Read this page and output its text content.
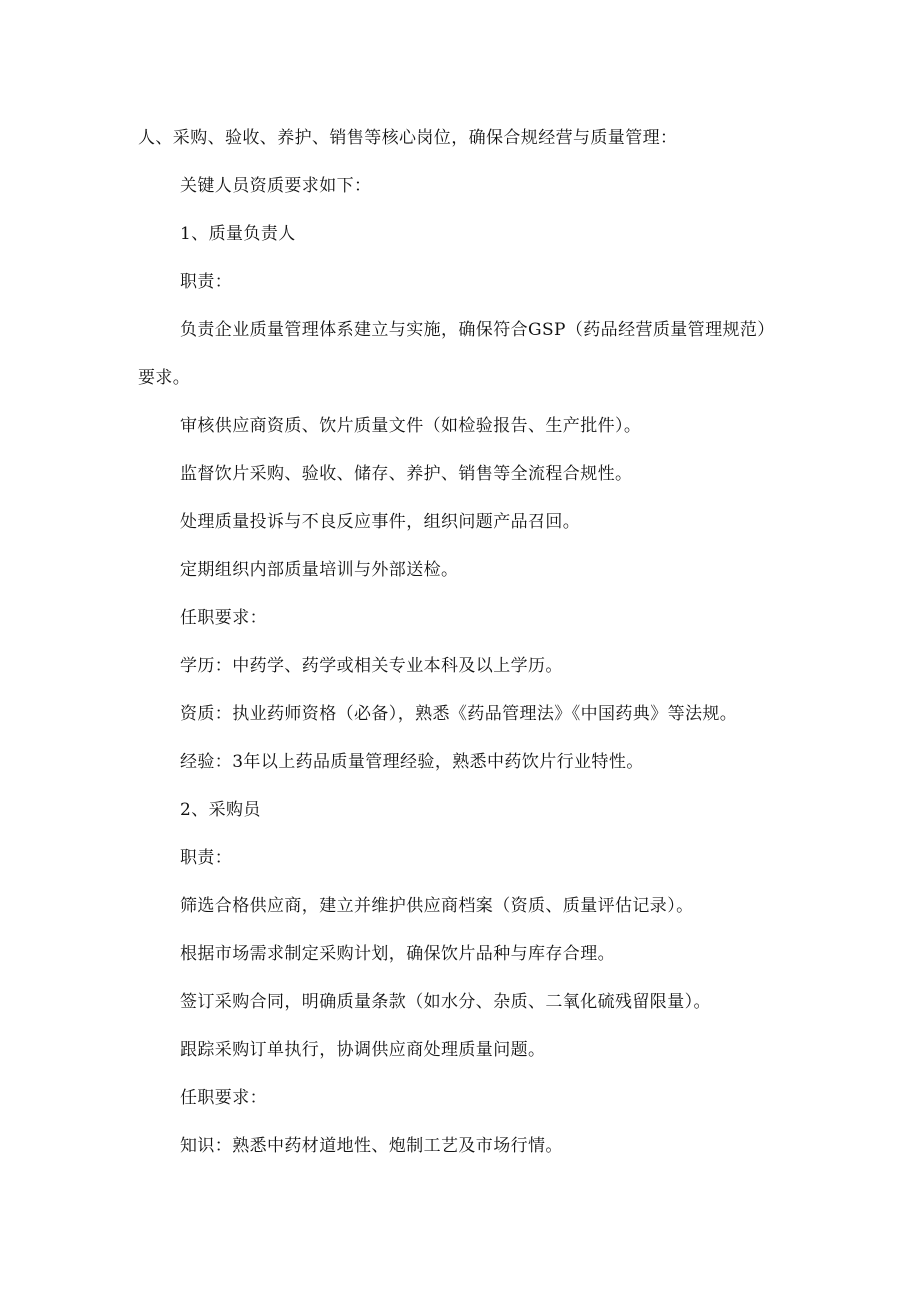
人、采购、验收、养护、销售等核心岗位，确保合规经营与质量管理：
关键人员资质要求如下：
1、质量负责人
职责：
负责企业质量管理体系建立与实施，确保符合GSP（药品经营质量管理规范）
要求。
审核供应商资质、饮片质量文件（如检验报告、生产批件）。
监督饮片采购、验收、储存、养护、销售等全流程合规性。
处理质量投诉与不良反应事件，组织问题产品召回。
定期组织内部质量培训与外部送检。
任职要求：
学历：中药学、药学或相关专业本科及以上学历。
资质：执业药师资格（必备），熟悉《药品管理法》《中国药典》等法规。
经验：3年以上药品质量管理经验，熟悉中药饮片行业特性。
2、采购员
职责：
筛选合格供应商，建立并维护供应商档案（资质、质量评估记录）。
根据市场需求制定采购计划，确保饮片品种与库存合理。
签订采购合同，明确质量条款（如水分、杂质、二氧化硫残留限量）。
跟踪采购订单执行，协调供应商处理质量问题。
任职要求：
知识：熟悉中药材道地性、炮制工艺及市场行情。
